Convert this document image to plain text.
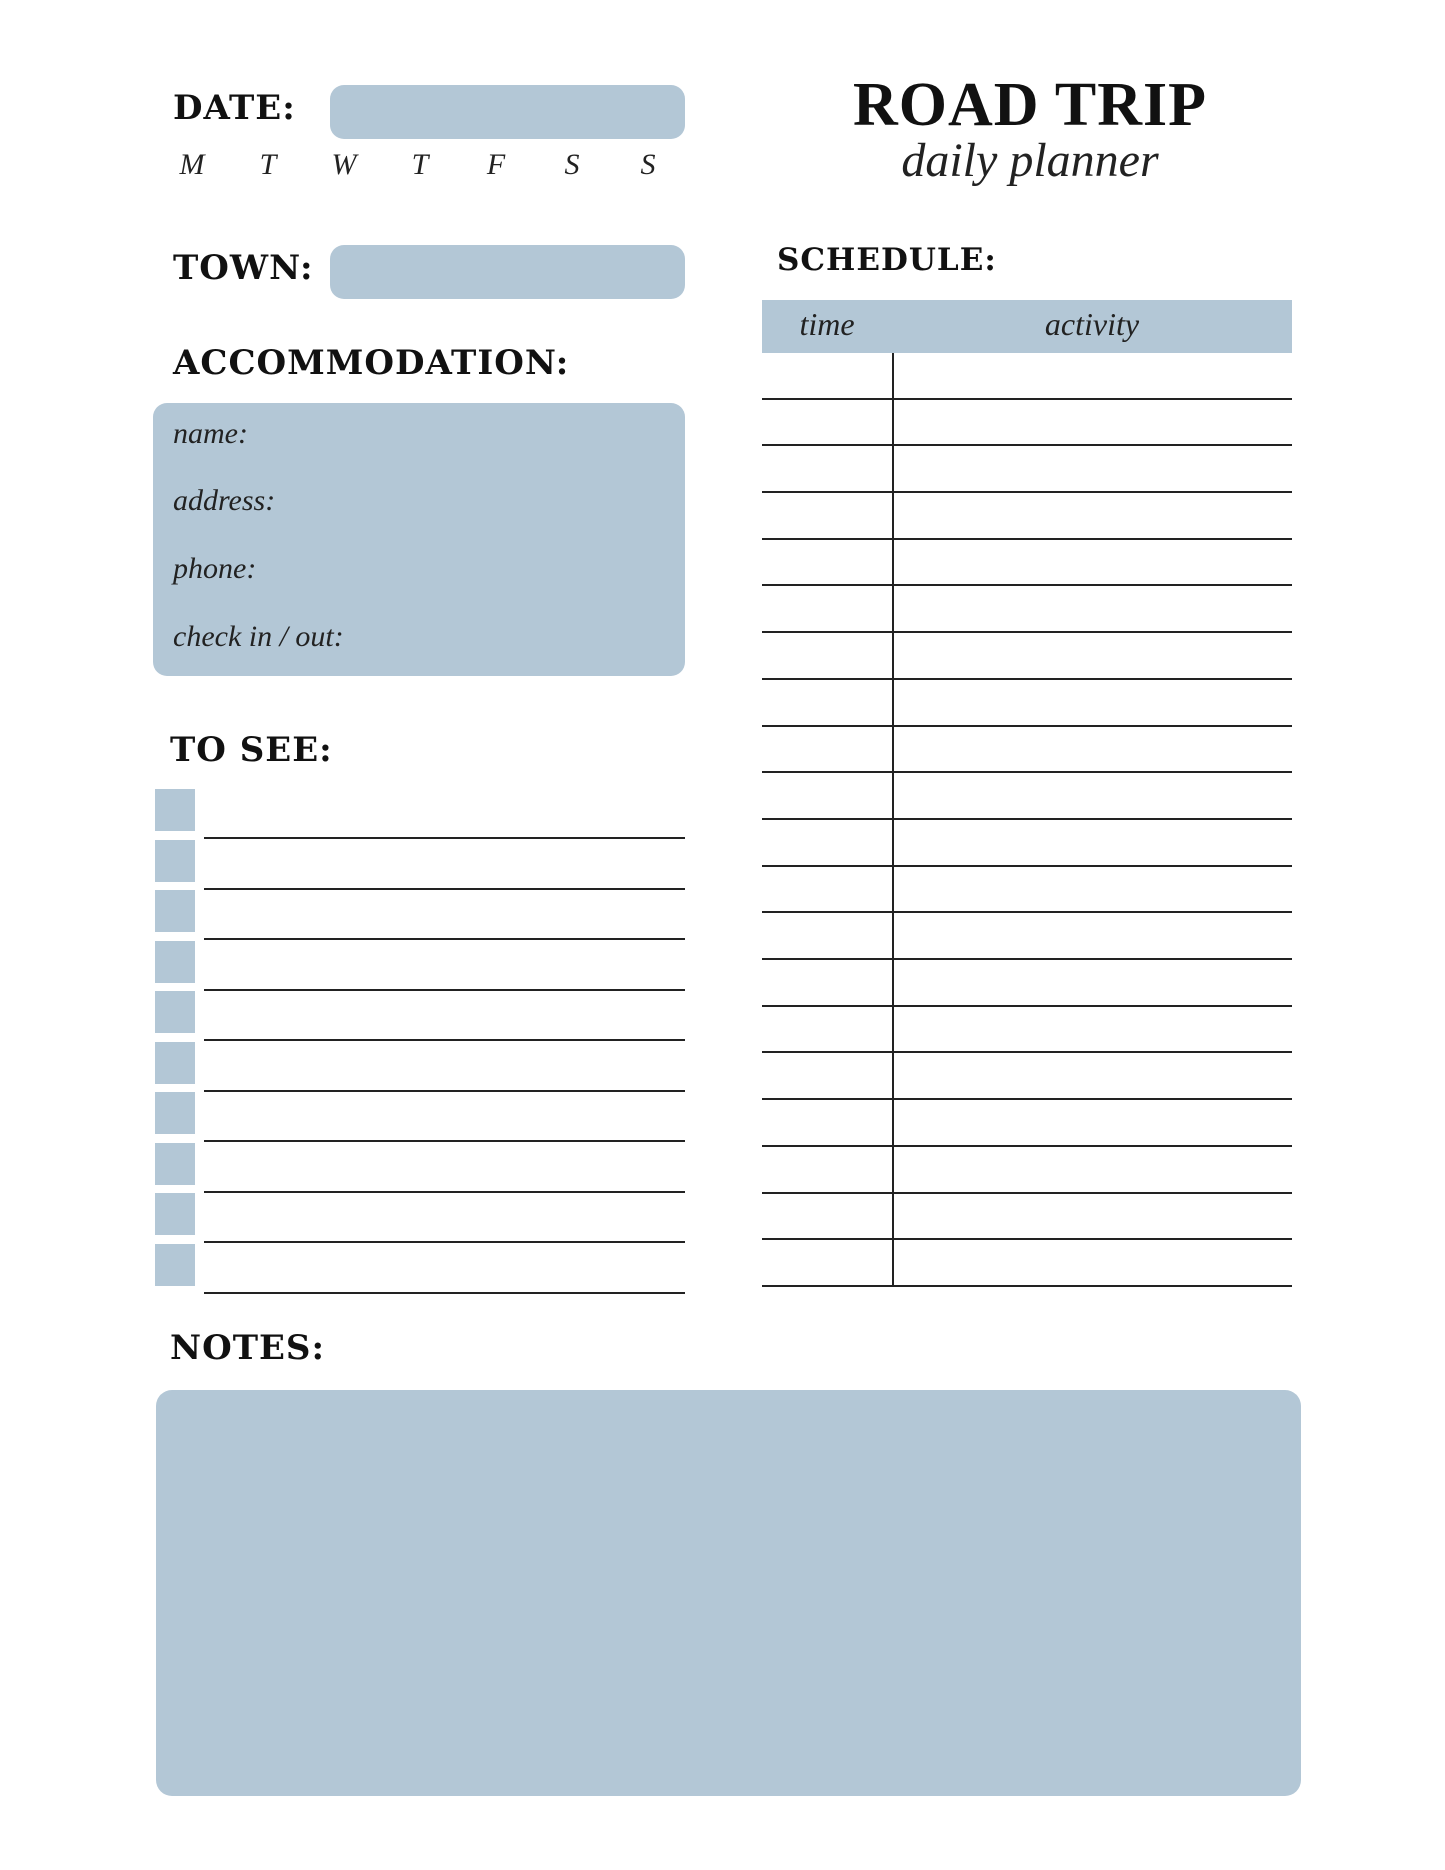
ROAD TRIP
daily planner
DATE:
M	T	W	T	F	S	S
TOWN:
ACCOMMODATION:
name:
address:
phone:
check in / out:
TO SEE:
SCHEDULE:
time	activity
NOTES:
